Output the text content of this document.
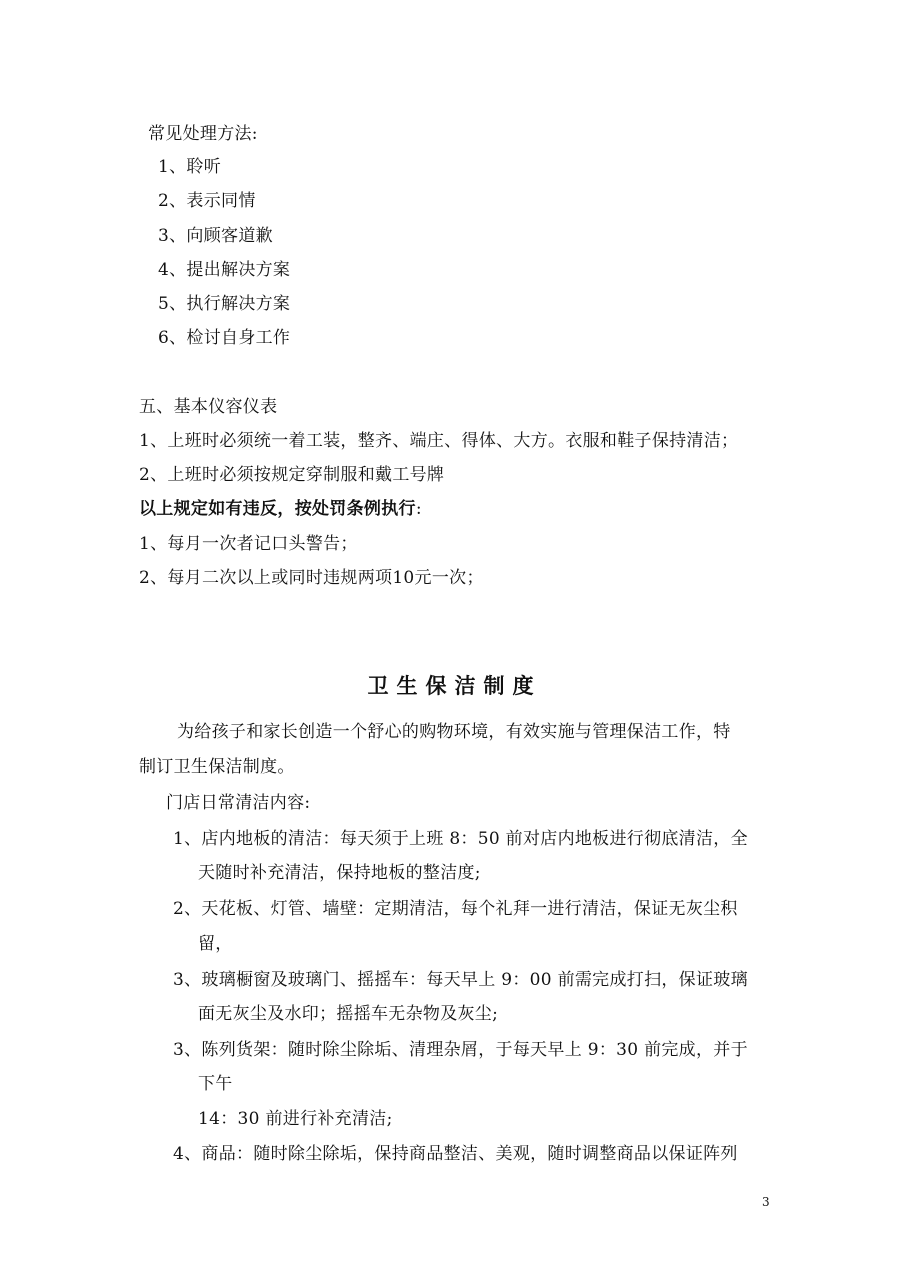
常见处理方法:
1、聆听
2、表示同情
3、向顾客道歉
4、提出解决方案
5、执行解决方案
6、检讨自身工作
五、基本仪容仪表
1、上班时必须统一着工装，整齐、端庄、得体、大方。衣服和鞋子保持清洁；
2、上班时必须按规定穿制服和戴工号牌
以上规定如有违反，按处罚条例执行:
1、每月一次者记口头警告；
2、每月二次以上或同时违规两项10元一次；
卫生保洁制度
为给孩子和家长创造一个舒心的购物环境，有效实施与管理保洁工作，特
制订卫生保洁制度。
门店日常清洁内容:
1、店内地板的清洁：每天须于上班 8：50 前对店内地板进行彻底清洁，全
天随时补充清洁，保持地板的整洁度;
2、天花板、灯管、墙壁：定期清洁，每个礼拜一进行清洁，保证无灰尘积
留，
3、玻璃橱窗及玻璃门、摇摇车：每天早上 9：00 前需完成打扫，保证玻璃
面无灰尘及水印；摇摇车无杂物及灰尘;
3、陈列货架：随时除尘除垢、清理杂屑，于每天早上 9：30 前完成，并于
下午
14：30 前进行补充清洁;
4、商品：随时除尘除垢，保持商品整洁、美观，随时调整商品以保证阵列
3
